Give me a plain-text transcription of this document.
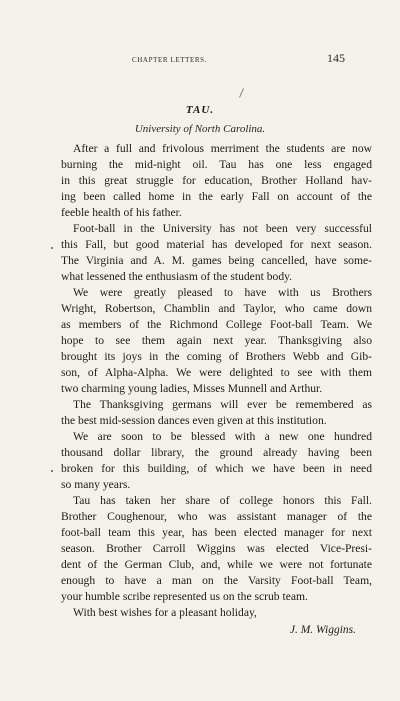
CHAPTER LETTERS.	145
TAU.
University of North Carolina.
After a full and frivolous merriment the students are now
burning the mid-night oil. Tau has one less engaged
in this great struggle for education, Brother Holland hav-
ing been called home in the early Fall on account of the
feeble health of his father.
Foot-ball in the University has not been very successful
this Fall, but good material has developed for next season.
The Virginia and A. M. games being cancelled, have some-
what lessened the enthusiasm of the student body.
We were greatly pleased to have with us Brothers
Wright, Robertson, Chamblin and Taylor, who came down
as members of the Richmond College Foot-ball Team. We
hope to see them again next year. Thanksgiving also
brought its joys in the coming of Brothers Webb and Gib-
son, of Alpha-Alpha. We were delighted to see with them
two charming young ladies, Misses Munnell and Arthur.
The Thanksgiving germans will ever be remembered as
the best mid-session dances even given at this institution.
We are soon to be blessed with a new one hundred
thousand dollar library, the ground already having been
broken for this building, of which we have been in need
so many years.
Tau has taken her share of college honors this Fall.
Brother Coughenour, who was assistant manager of the
foot-ball team this year, has been elected manager for next
season. Brother Carroll Wiggins was elected Vice-Presi-
dent of the German Club, and, while we were not fortunate
enough to have a man on the Varsity Foot-ball Team,
your humble scribe represented us on the scrub team.
With best wishes for a pleasant holiday,
J. M. Wiggins.
